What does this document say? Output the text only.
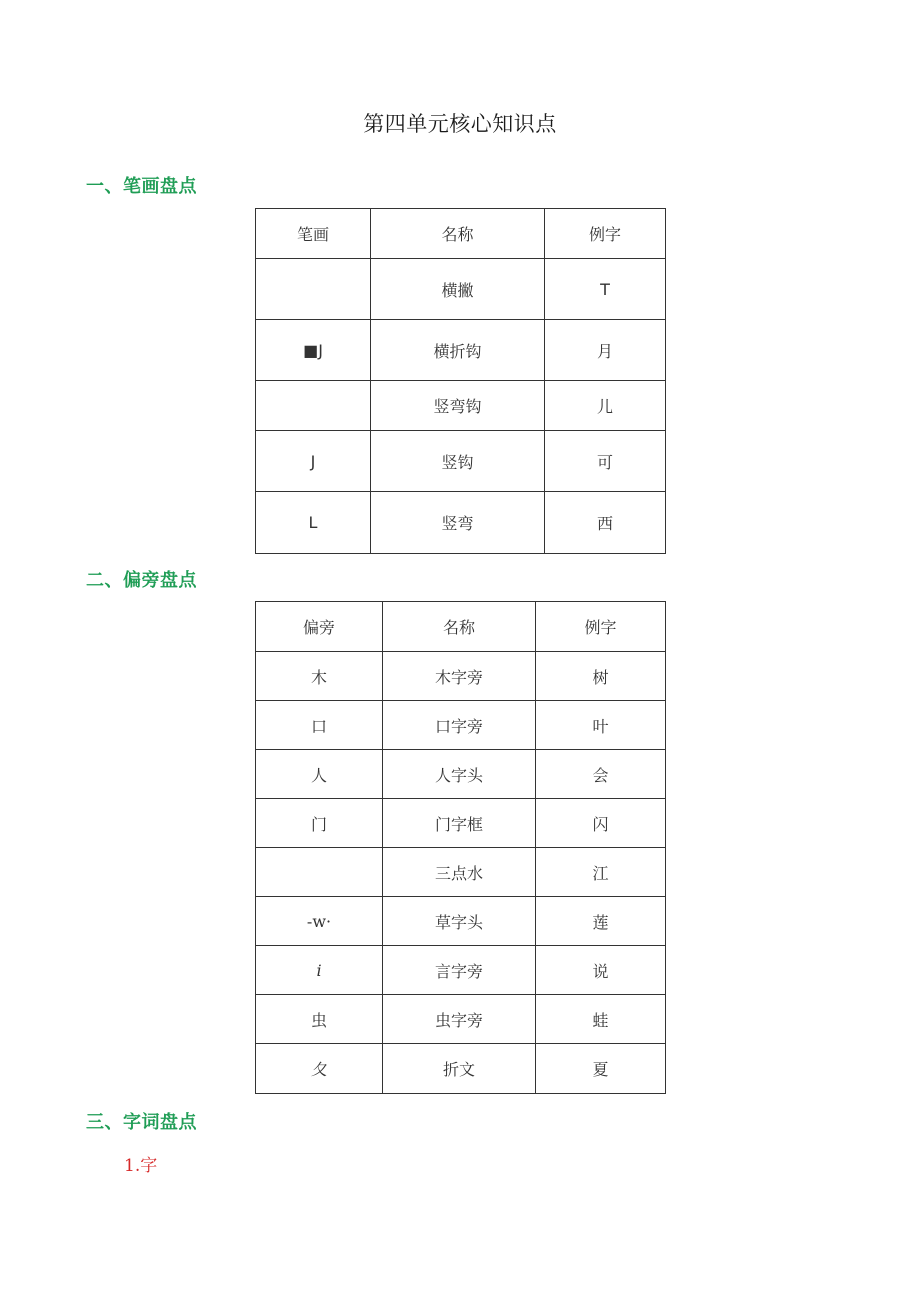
第四单元核心知识点
一、笔画盘点
笔画	名称	例字
	横撇	T
■J	横折钩	月
	竖弯钩	儿
J	竖钩	可
L	竖弯	西
二、偏旁盘点
偏旁	名称	例字
木	木字旁	树
口	口字旁	叶
人	人字头	会
门	门字框	闪
	三点水	江
-w·	草字头	莲
i	言字旁	说
虫	虫字旁	蛙
夂	折文	夏
三、字词盘点
1.字
